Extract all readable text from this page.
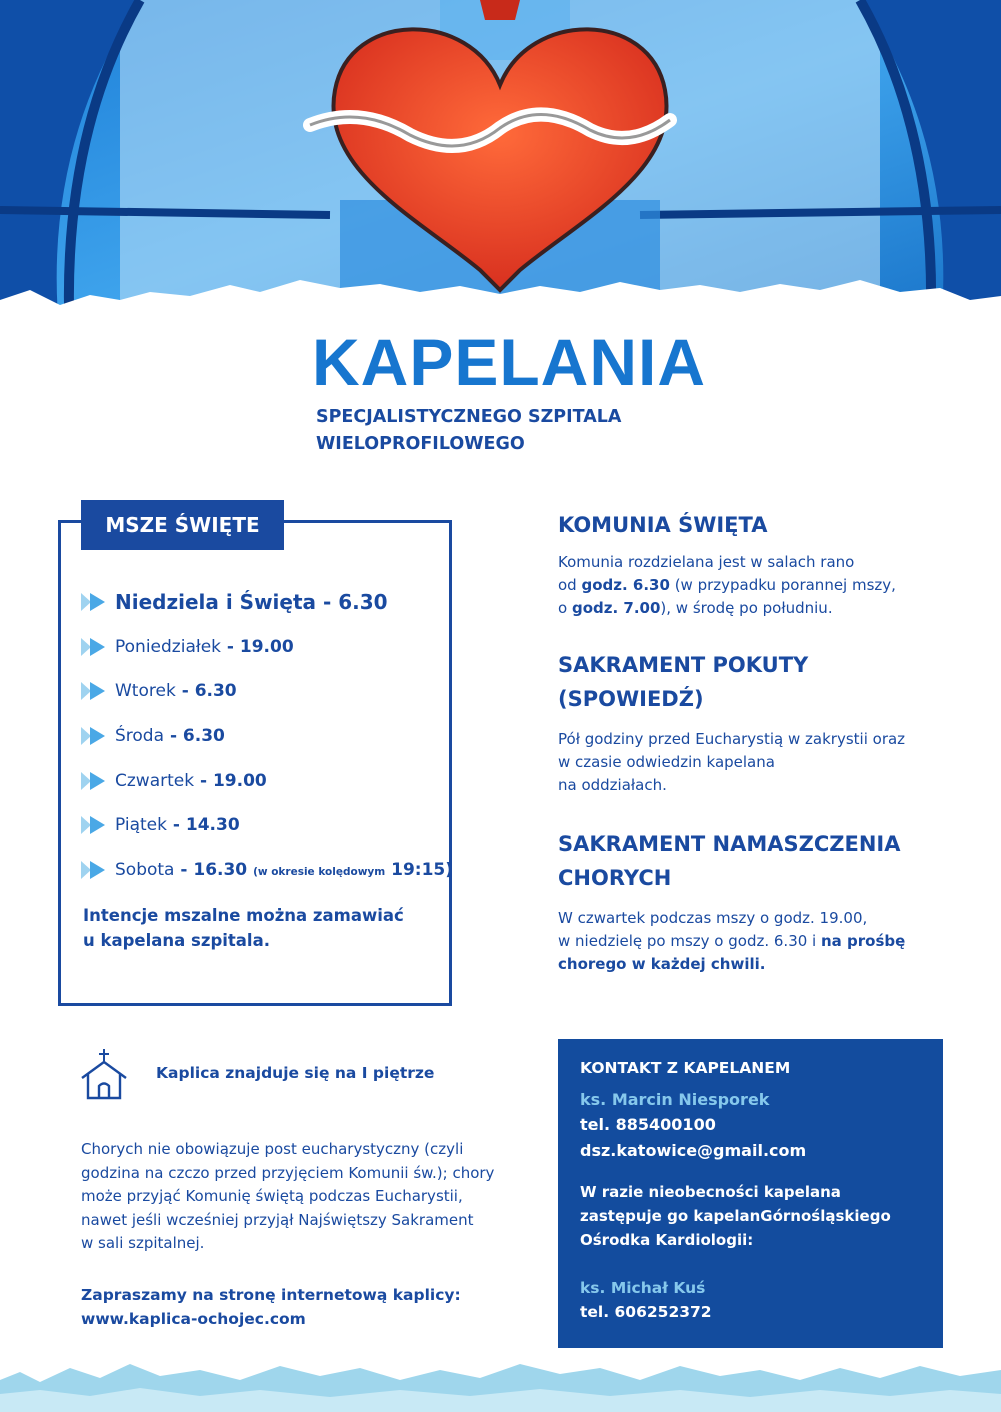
KAPELANIA
SPECJALISTYCZNEGO SZPITALA
WIELOPROFILOWEGO
MSZE ŚWIĘTE
Niedziela i Święta - 6.30
Poniedziałek - 19.00
Wtorek - 6.30
Środa - 6.30
Czwartek - 19.00
Piątek - 14.30
Sobota - 16.30 (w okresie kolędowym 19:15)
Intencje mszalne można zamawiać
u kapelana szpitala.
KOMUNIA ŚWIĘTA
Komunia rozdzielana jest w salach rano
od godz. 6.30 (w przypadku porannej mszy,
o godz. 7.00), w środę po południu.
SAKRAMENT POKUTY
(SPOWIEDŹ)
Pół godziny przed Eucharystią w zakrystii oraz
w czasie odwiedzin kapelana
na oddziałach.
SAKRAMENT NAMASZCZENIA
CHORYCH
W czwartek podczas mszy o godz. 19.00,
w niedzielę po mszy o godz. 6.30 i na prośbę
chorego w każdej chwili.
Kaplica znajduje się na I piętrze
Chorych nie obowiązuje post eucharystyczny (czyli
godzina na czczo przed przyjęciem Komunii św.); chory
może przyjąć Komunię świętą podczas Eucharystii,
nawet jeśli wcześniej przyjął Najświętszy Sakrament
w sali szpitalnej.
Zapraszamy na stronę internetową kaplicy:
www.kaplica-ochojec.com
KONTAKT Z KAPELANEM
ks. Marcin Niesporek
tel. 885400100
dsz.katowice@gmail.com
W razie nieobecności kapelana
zastępuje go kapelanGórnośląskiego
Ośrodka Kardiologii:
ks. Michał Kuś
tel. 606252372
